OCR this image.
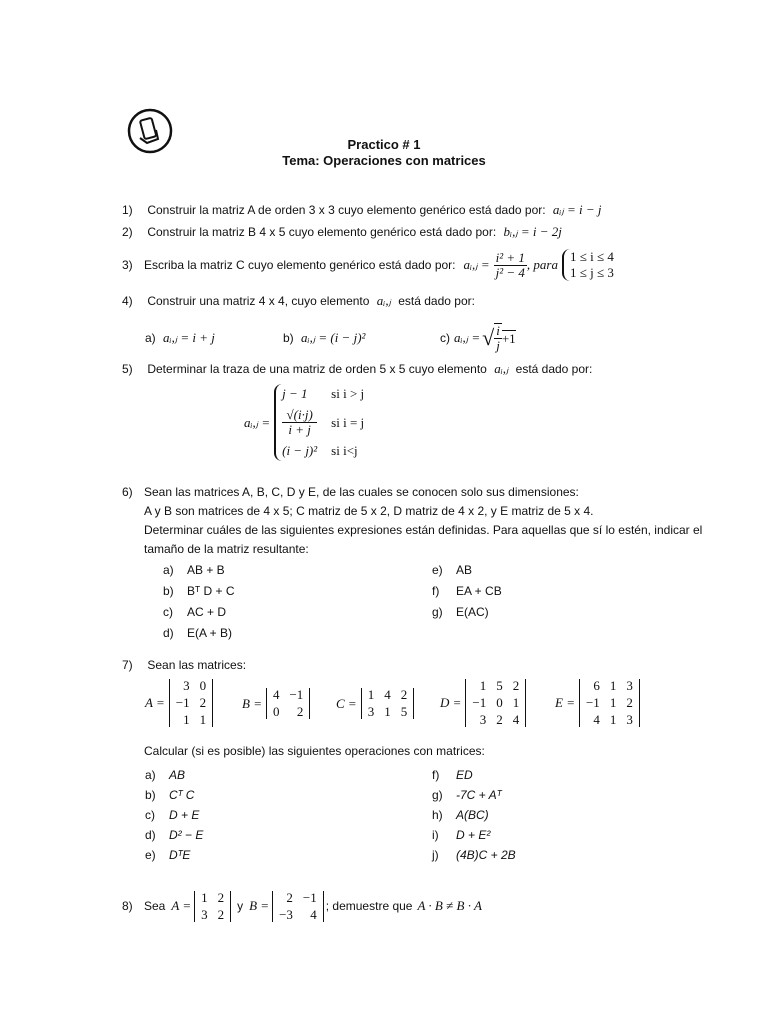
Practico # 1
Tema: Operaciones con matrices
1) Construir la matriz A de orden 3 x 3 cuyo elemento genérico está dado por: aᵢⱼ = i − j
2) Construir la matriz B 4 x 5 cuyo elemento genérico está dado por: bᵢ,ⱼ = i − 2j
3) Escriba la matriz C cuyo elemento genérico está dado por: aᵢ,ⱼ = $\frac{\text{i² + 1}}{\text{j² − 4}}$ , para
1 ≤ i ≤ 4
1 ≤ j ≤ 3
4) Construir una matriz 4 x 4, cuyo elemento aᵢ,ⱼ está dado por:
a) aᵢ,ⱼ = i + j	b) aᵢ,ⱼ = (i − j)²	c) aᵢ,ⱼ = √ $\frac{i}{j} +1$
5) Determinar la traza de una matriz de orden 5 x 5 cuyo elemento aᵢ,ⱼ está dado por:
aᵢ,ⱼ =
j − 1	si i > j
$\frac{√(i\cdot j)}{i + j}$ si i = j
(i − j)² si i<j
6) Sean las matrices A, B, C, D y E, de las cuales se conocen solo sus dimensiones:
A y B son matrices de 4 x 5; C matriz de 5 x 2, D matriz de 4 x 2, y E matriz de 5 x 4.
Determinar cuáles de las siguientes expresiones están definidas. Para aquellas que sí lo estén, indicar el
tamaño de la matriz resultante:
a) AB + B
b) Bᵀ D + C
c) AC + D
d) E(A + B)
e) AB
f) EA + CB
g) E(AC)
7) Sean las matrices:
A =
3 0
−1 2
1 1
B =
4 −1
0	2
C =
1 4 2
3 1 5
D =
1 5 2
−1 0 1
3 2 4
E =
6 1 3
−1 1 2
4 1 3
Calcular (si es posible) las siguientes operaciones con matrices:
a) AB
b) Cᵀ C
c) D + E
d) D² − E
e) DᵀE
f) ED
g) -7C + Aᵀ
h) A(BC)
i) D + E²
j) (4B)C + 2B
8) Sea A =
1 2
3 2
y B =
2 −1
−3	4
; demuestre que A · B ≠ B · A
